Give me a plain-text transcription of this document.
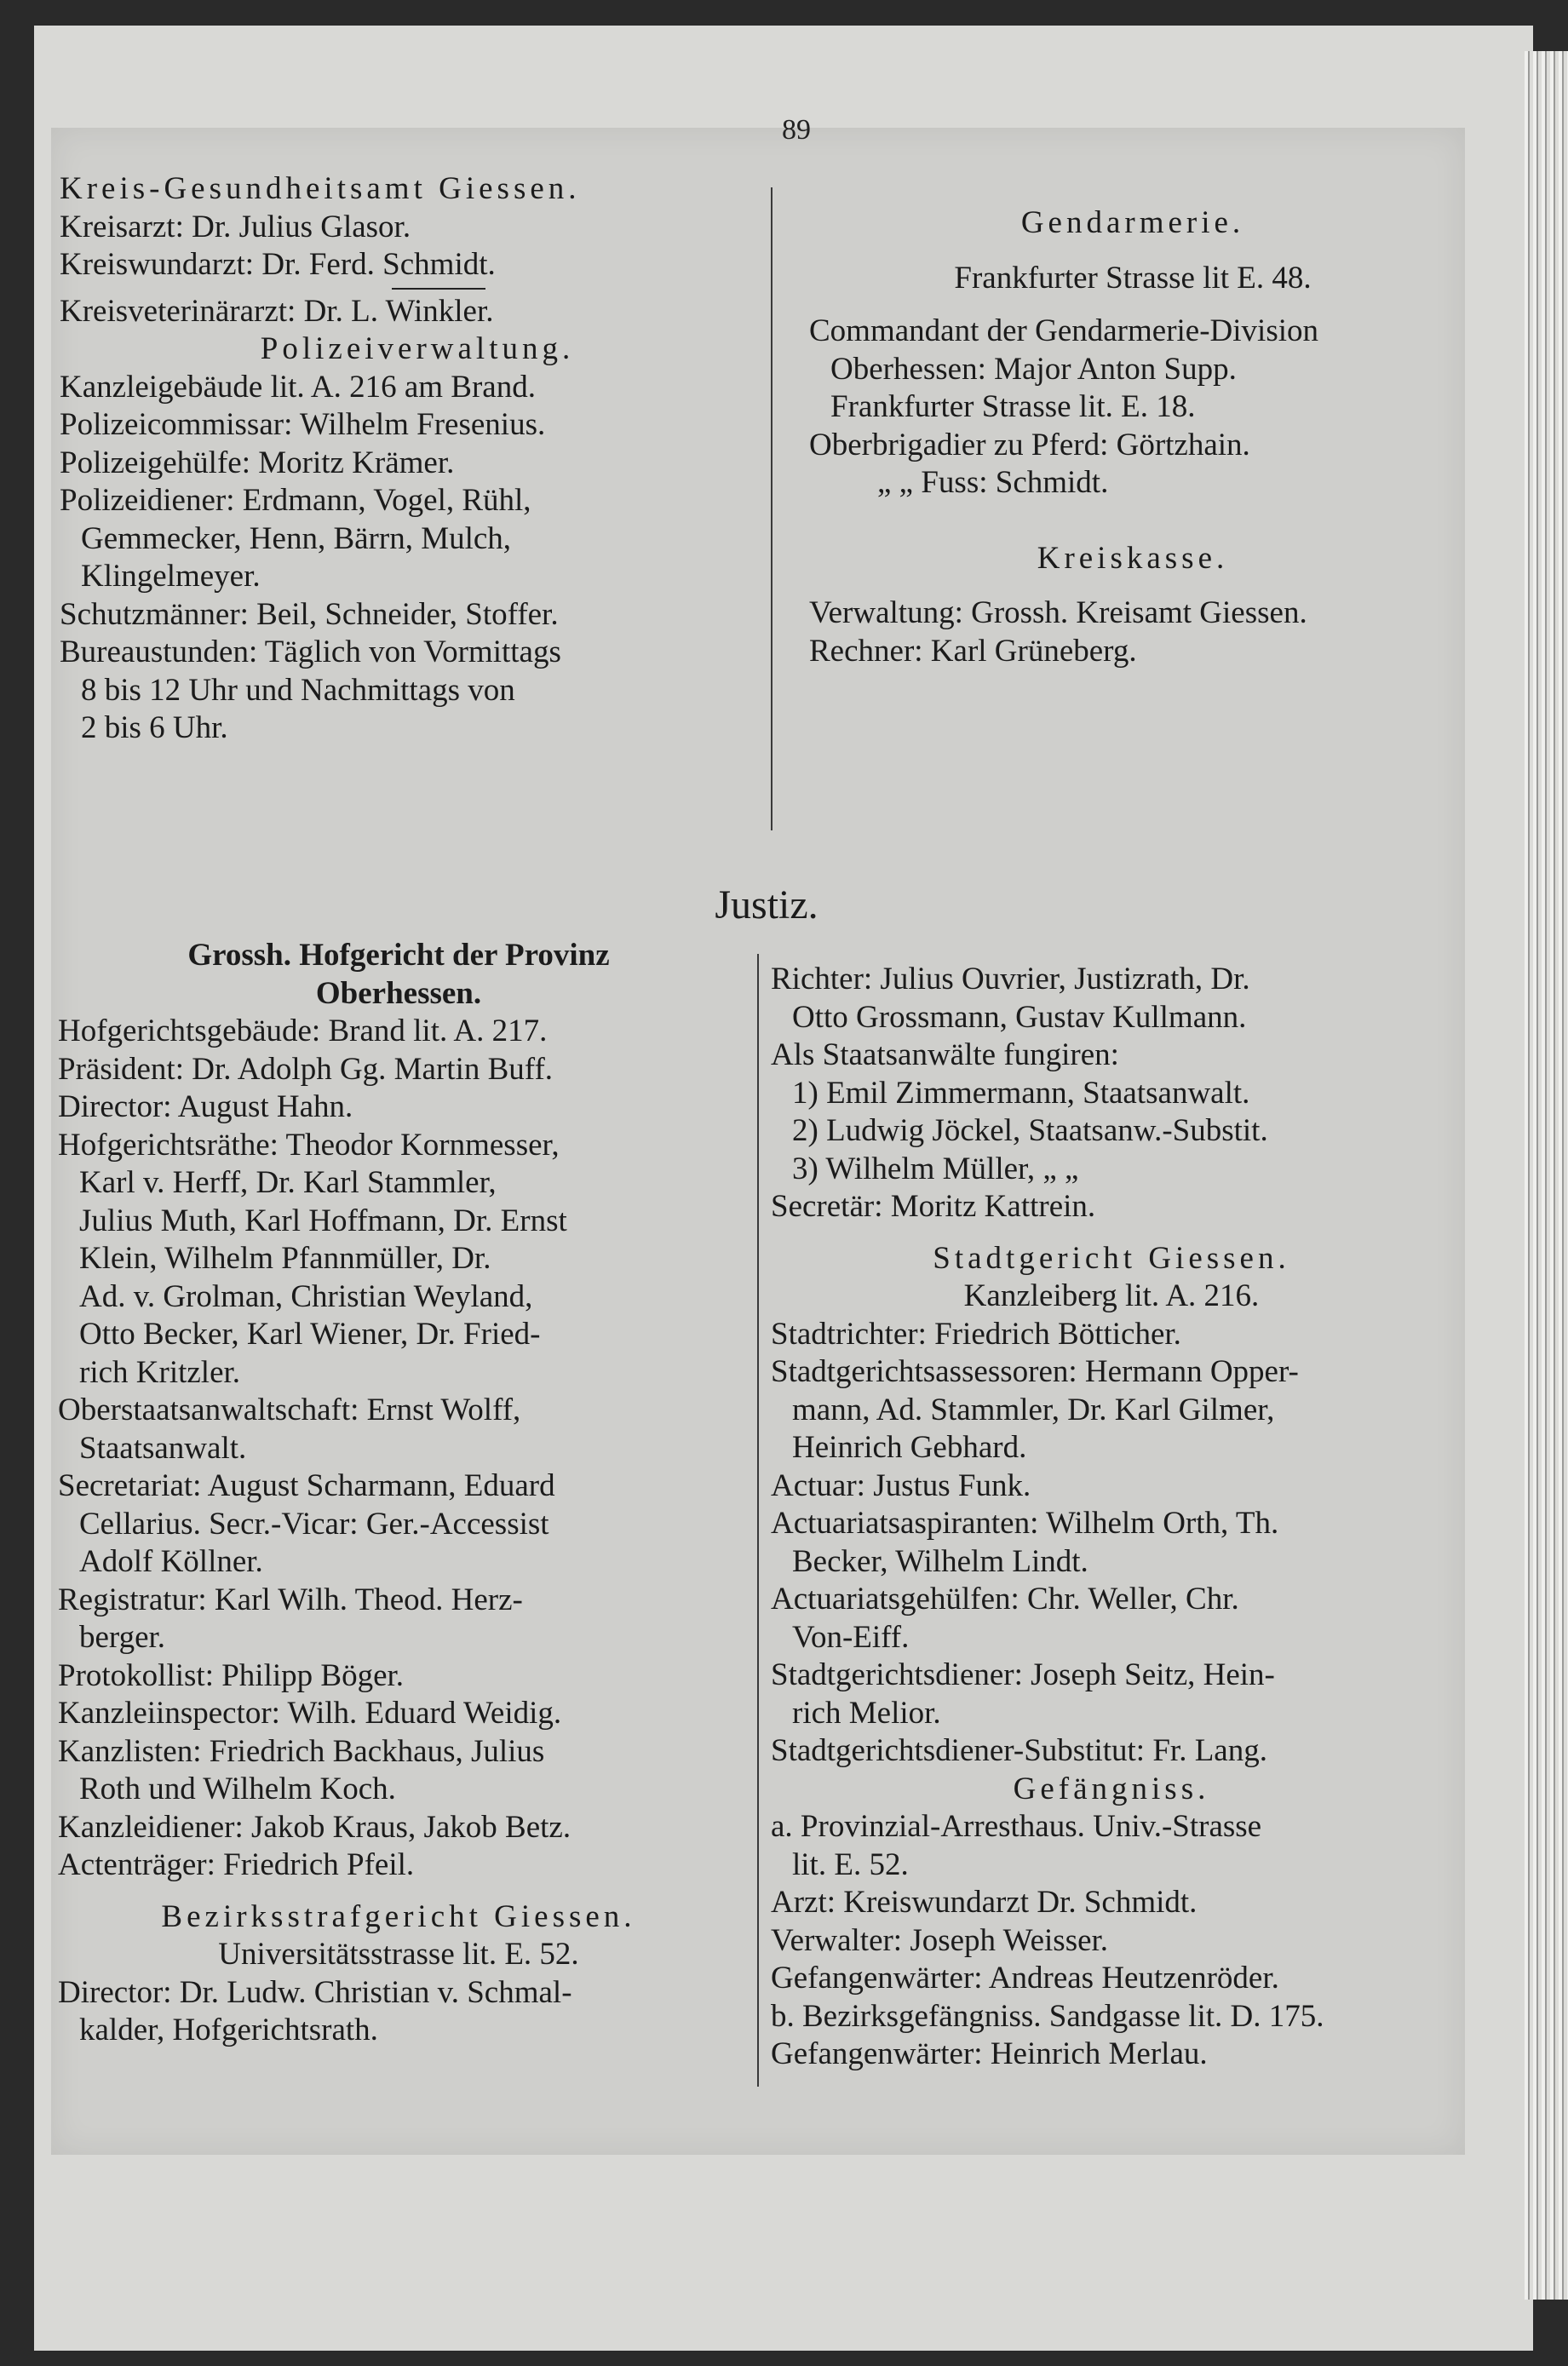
89
Kreis-Gesundheitsamt Giessen.
Kreisarzt: Dr. Julius Glasor.
Kreiswundarzt: Dr. Ferd. Schmidt.
Kreisveterinärarzt: Dr. L. Winkler.
Polizeiverwaltung.
Kanzleigebäude lit. A. 216 am Brand.
Polizeicommissar: Wilhelm Fresenius.
Polizeigehülfe: Moritz Krämer.
Polizeidiener: Erdmann, Vogel, Rühl,
Gemmecker, Henn, Bärrn, Mulch,
Klingelmeyer.
Schutzmänner: Beil, Schneider, Stoffer.
Bureaustunden: Täglich von Vormittags
8 bis 12 Uhr und Nachmittags von
2 bis 6 Uhr.
Gendarmerie.
Frankfurter Strasse lit E. 48.
Commandant der Gendarmerie-Division
Oberhessen: Major Anton Supp.
Frankfurter Strasse lit. E. 18.
Oberbrigadier zu Pferd: Görtzhain.
„ „ Fuss: Schmidt.
Kreiskasse.
Verwaltung: Grossh. Kreisamt Giessen.
Rechner: Karl Grüneberg.
Justiz.
Grossh. Hofgericht der Provinz
Oberhessen.
Hofgerichtsgebäude: Brand lit. A. 217.
Präsident: Dr. Adolph Gg. Martin Buff.
Director: August Hahn.
Hofgerichtsräthe: Theodor Kornmesser,
Karl v. Herff, Dr. Karl Stammler,
Julius Muth, Karl Hoffmann, Dr. Ernst
Klein, Wilhelm Pfannmüller, Dr.
Ad. v. Grolman, Christian Weyland,
Otto Becker, Karl Wiener, Dr. Fried-
rich Kritzler.
Oberstaatsanwaltschaft: Ernst Wolff,
Staatsanwalt.
Secretariat: August Scharmann, Eduard
Cellarius. Secr.-Vicar: Ger.-Accessist
Adolf Köllner.
Registratur: Karl Wilh. Theod. Herz-
berger.
Protokollist: Philipp Böger.
Kanzleiinspector: Wilh. Eduard Weidig.
Kanzlisten: Friedrich Backhaus, Julius
Roth und Wilhelm Koch.
Kanzleidiener: Jakob Kraus, Jakob Betz.
Actenträger: Friedrich Pfeil.
Bezirksstrafgericht Giessen.
Universitätsstrasse lit. E. 52.
Director: Dr. Ludw. Christian v. Schmal-
kalder, Hofgerichtsrath.
Richter: Julius Ouvrier, Justizrath, Dr.
Otto Grossmann, Gustav Kullmann.
Als Staatsanwälte fungiren:
1) Emil Zimmermann, Staatsanwalt.
2) Ludwig Jöckel, Staatsanw.-Substit.
3) Wilhelm Müller, „ „
Secretär: Moritz Kattrein.
Stadtgericht Giessen.
Kanzleiberg lit. A. 216.
Stadtrichter: Friedrich Bötticher.
Stadtgerichtsassessoren: Hermann Opper-
mann, Ad. Stammler, Dr. Karl Gilmer,
Heinrich Gebhard.
Actuar: Justus Funk.
Actuariatsaspiranten: Wilhelm Orth, Th.
Becker, Wilhelm Lindt.
Actuariatsgehülfen: Chr. Weller, Chr.
Von-Eiff.
Stadtgerichtsdiener: Joseph Seitz, Hein-
rich Melior.
Stadtgerichtsdiener-Substitut: Fr. Lang.
Gefängniss.
a. Provinzial-Arresthaus. Univ.-Strasse
lit. E. 52.
Arzt: Kreiswundarzt Dr. Schmidt.
Verwalter: Joseph Weisser.
Gefangenwärter: Andreas Heutzenröder.
b. Bezirksgefängniss. Sandgasse lit. D. 175.
Gefangenwärter: Heinrich Merlau.
